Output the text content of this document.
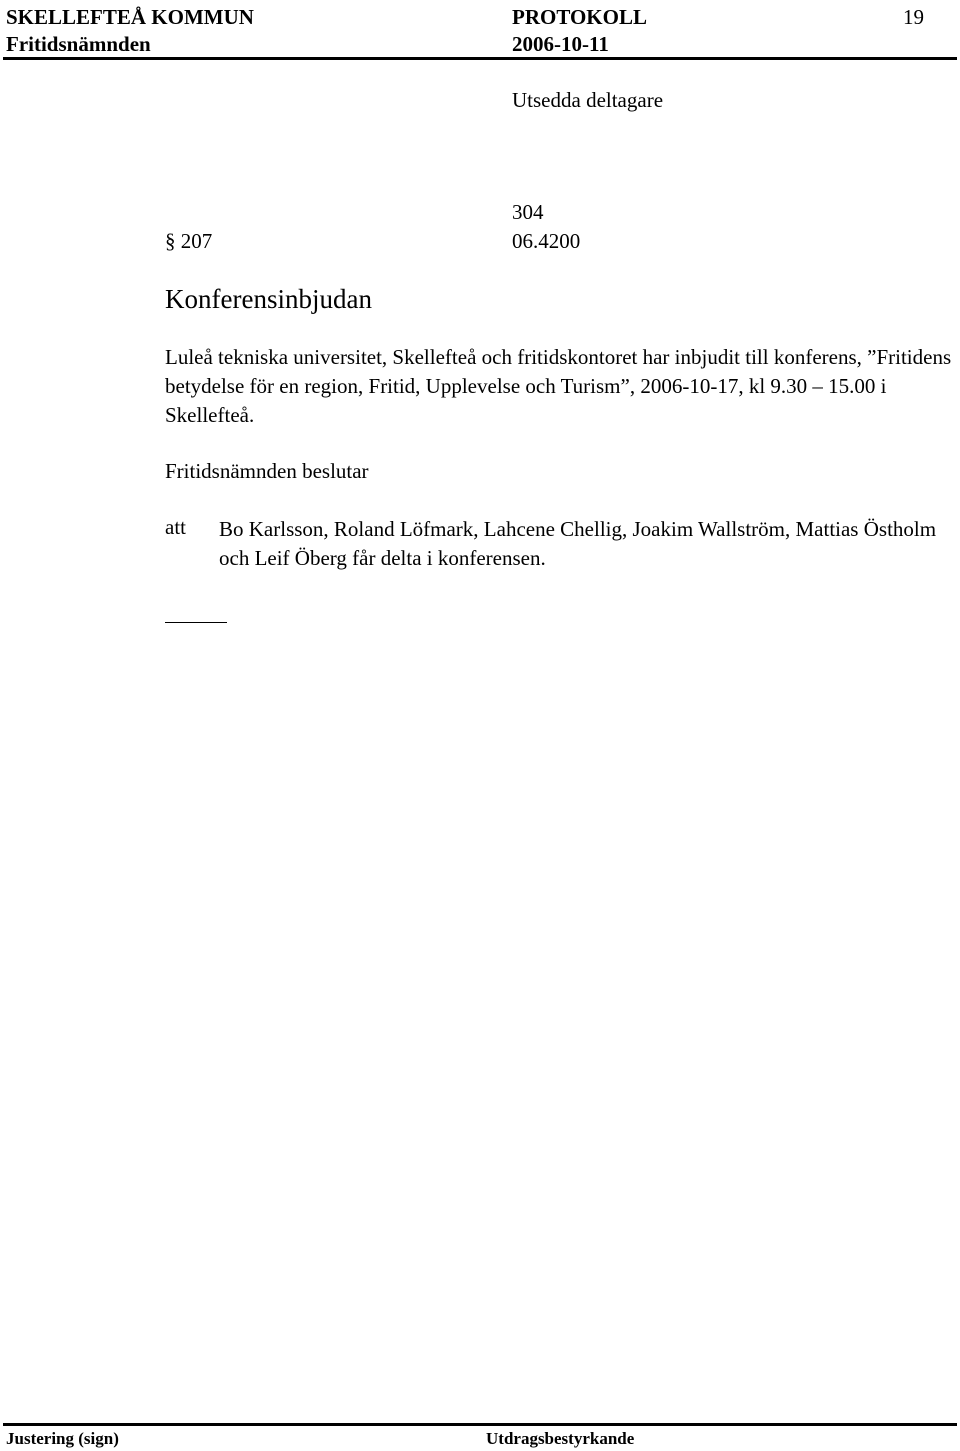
SKELLEFTEÅ KOMMUN	PROTOKOLL	19
Fritidsnämnden	2006-10-11
Utsedda deltagare
304
§ 207	06.4200
Konferensinbjudan
Luleå tekniska universitet, Skellefteå och fritidskontoret har inbjudit till konferens, ”Fritidens betydelse för en region, Fritid, Upplevelse och Turism”, 2006-10-17, kl 9.30 – 15.00 i Skellefteå.
Fritidsnämnden beslutar
att Bo Karlsson, Roland Löfmark, Lahcene Chellig, Joakim Wallström, Mattias Östholm och Leif Öberg får delta i konferensen.
Justering (sign)	Utdragsbestyrkande
